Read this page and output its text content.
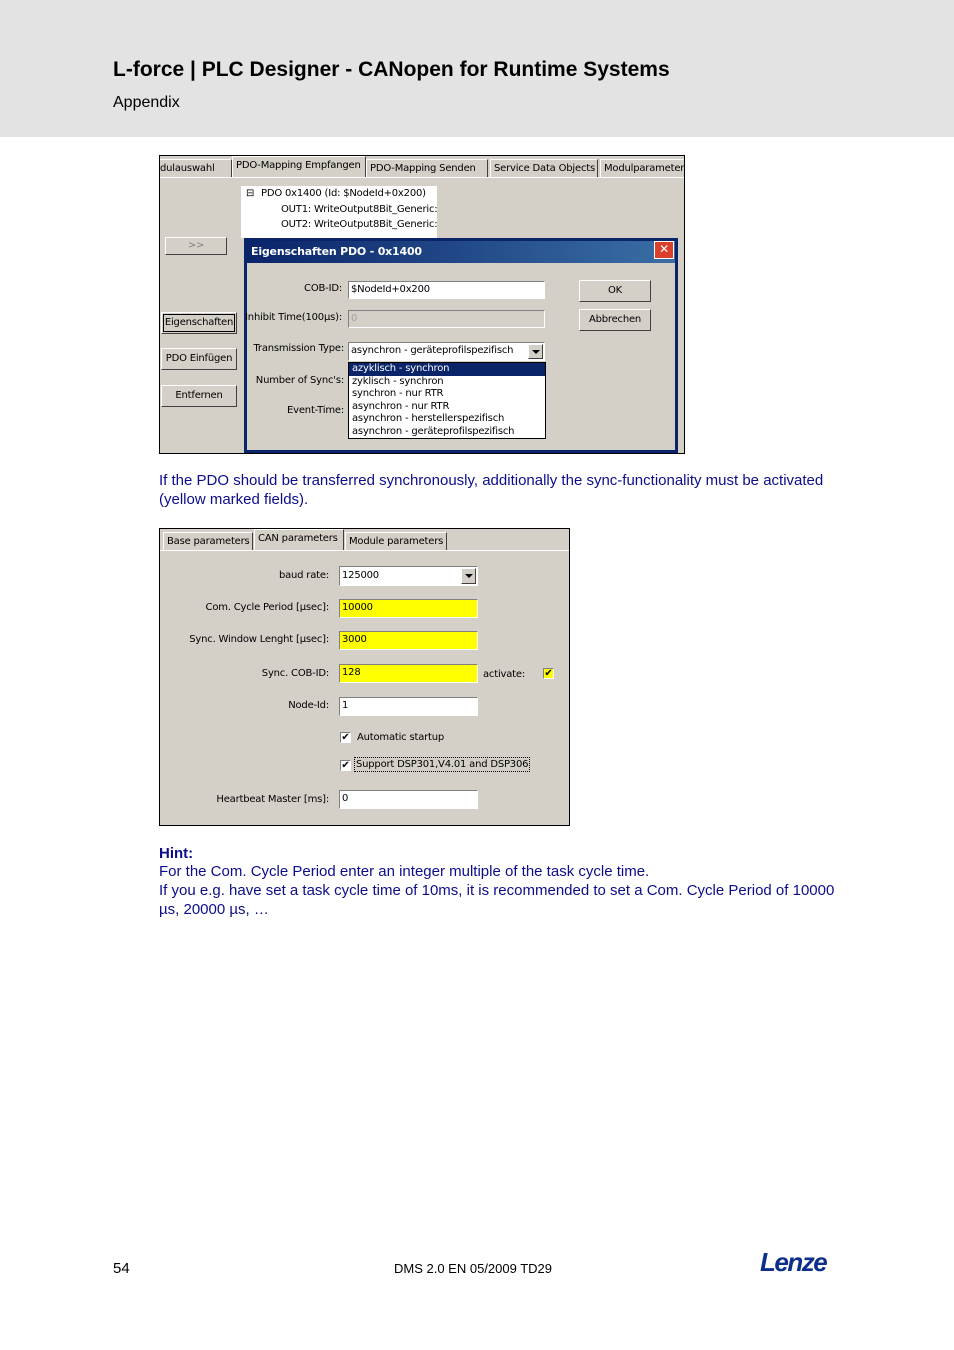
L-force | PLC Designer - CANopen for Runtime Systems
Appendix
dulauswahl	PDO-Mapping Empfangen PDO-Mapping Senden	Service Data Objects Modulparameter
⊟ PDO 0x1400 (Id: $NodeId+0x200)
OUT1: WriteOutput8Bit_Generic:
OUT2: WriteOutput8Bit_Generic:
>>
Eigenschaften
PDO Einfügen
Entfernen
Eigenschaften PDO - 0x1400	✕
COB-ID: $NodeId+0x200
Inhibit Time(100µs): 0
Transmission Type: asynchron - geräteprofilspezifisch
Number of Sync's:
Event-Time:
azyklisch - synchron
zyklisch - synchron
synchron - nur RTR
asynchron - nur RTR
asynchron - herstellerspezifisch
asynchron - geräteprofilspezifisch
OK
Abbrechen
If the PDO should be transferred synchronously, additionally the sync-functionality must be activated (yellow marked fields).
Base parameters CAN parameters	Module parameters
baud rate:	125000
Com. Cycle Period [µsec]:	10000
Sync. Window Lenght [µsec]:	3000
Sync. COB-ID:	128	activate: ✔
Node-Id:	1
✔ Automatic startup
✔ Support DSP301,V4.01 and DSP306
Heartbeat Master [ms]:	0
Hint:
For the Com. Cycle Period enter an integer multiple of the task cycle time.
If you e.g. have set a task cycle time of 10ms, it is recommended to set a Com. Cycle Period of 10000 µs, 20000 µs, …
54	DMS 2.0 EN 05/2009 TD29	Lenze
